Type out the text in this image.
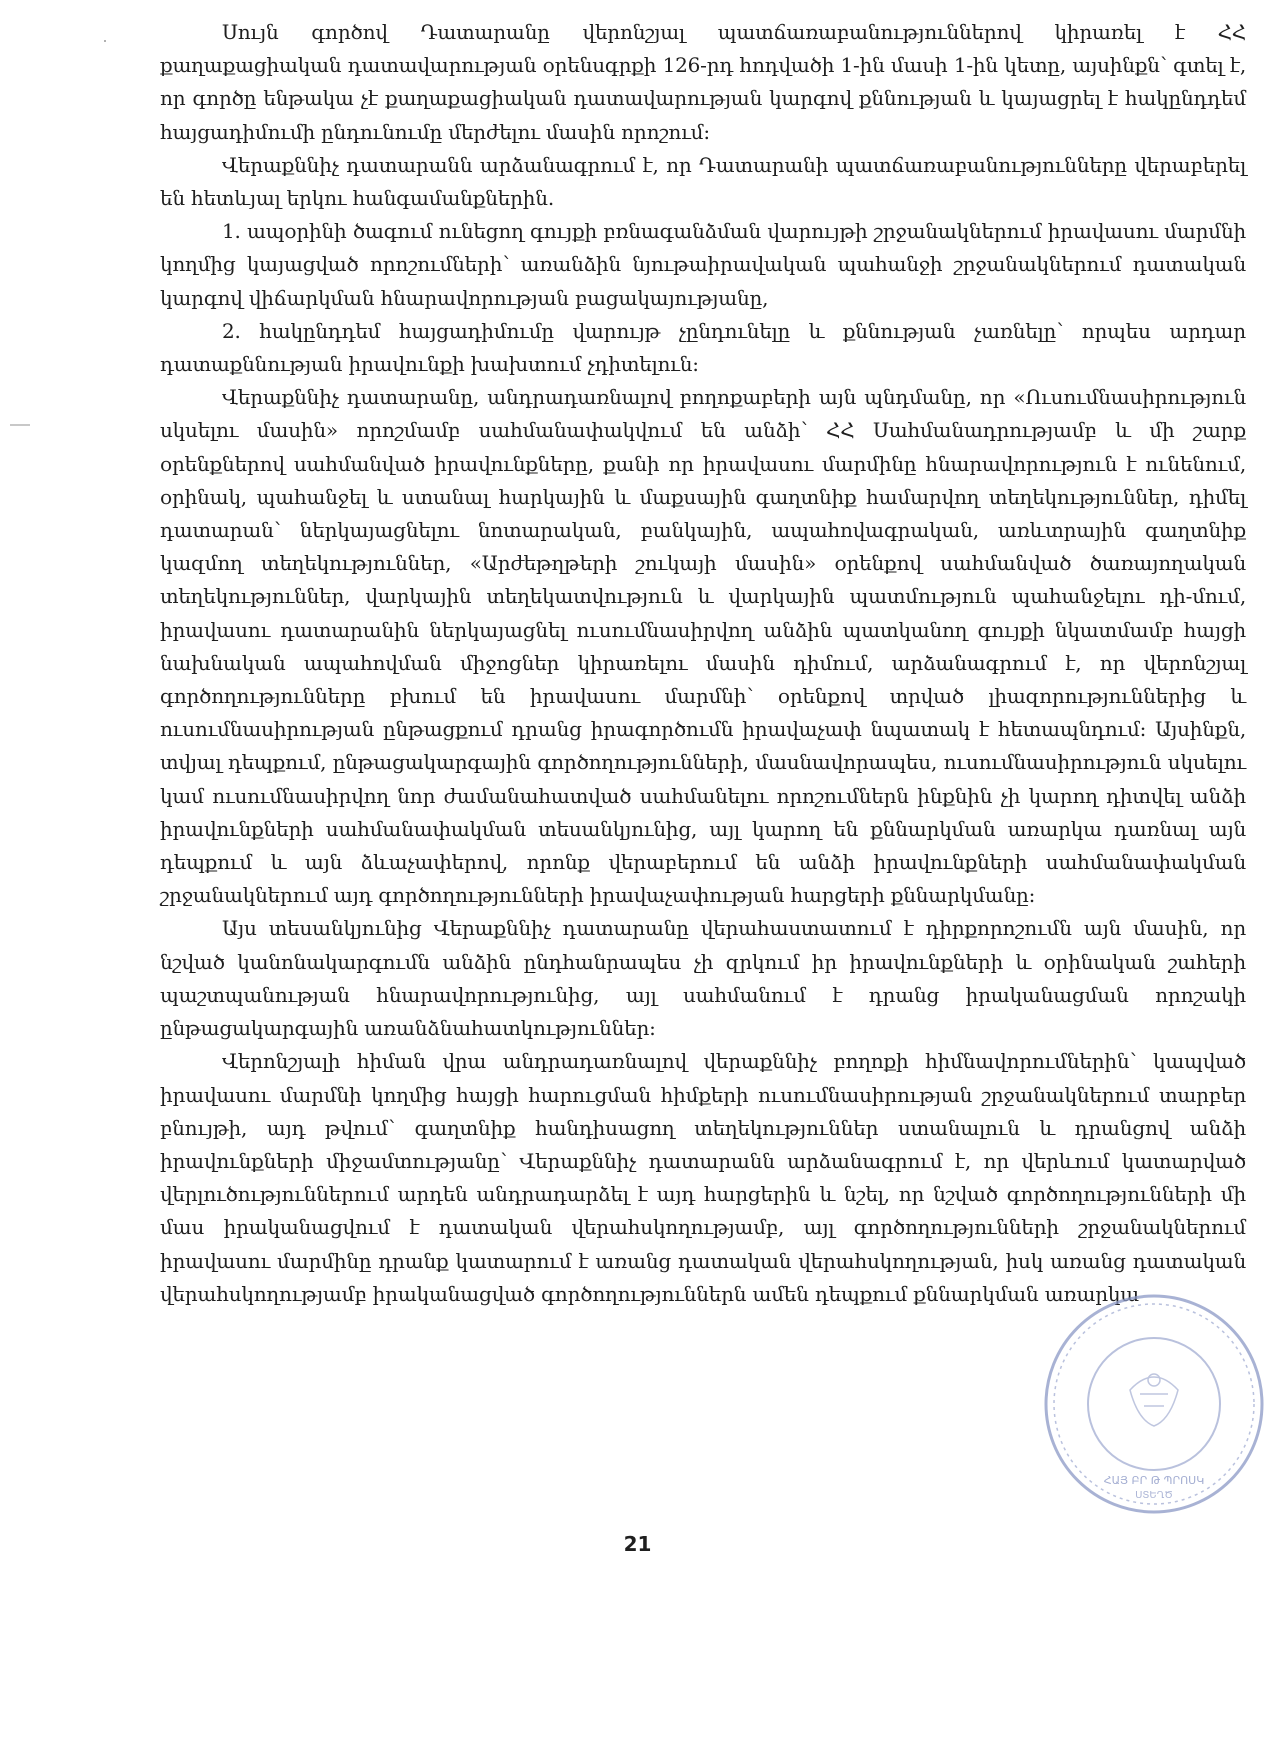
Սույն գործով Դատարանը վերոնշյալ պատճառաբանություններով կիրառել է ՀՀ քաղաքացիական դատավարության օրենսգրքի 126-րդ հոդվածի 1-ին մասի 1-ին կետը, այսինքն՝ գտել է, որ գործը ենթակա չէ քաղաքացիական դատավարության կարգով քննության և կայացրել է հակընդդեմ հայցադիմումի ընդունումը մերժելու մասին որոշում:

Վերաքննիչ դատարանն արձանագրում է, որ Դատարանի պատճառաբանությունները վերաբերել են հետևյալ երկու հանգամանքներին.

1. ապօրինի ծագում ունեցող գույքի բռնագանձման վարույթի շրջանակներում իրավասու մարմնի կողմից կայացված որոշումների՝ առանձին նյութաիրավական պահանջի շրջանակներում դատական կարգով վիճարկման հնարավորության բացակայությանը,

2. հակընդդեմ հայցադիմումը վարույթ չընդունելը և քննության չառնելը՝ որպես արդար դատաքննության իրավունքի խախտում չդիտելուն:

Վերաքննիչ դատարանը, անդրադառնալով բողոքաբերի այն պնդմանը, որ «Ուսումնասիրություն սկսելու մասին» որոշմամբ սահմանափակվում են անձի՝ ՀՀ Սահմանադրությամբ և մի շարք օրենքներով սահմանված իրավունքները, քանի որ իրավասու մարմինը հնարավորություն է ունենում, օրինակ, պահանջել և ստանալ հարկային և մաքսային գաղտնիք համարվող տեղեկություններ, դիմել դատարան՝ ներկայացնելու նոտարական, բանկային, ապահովագրական, առևտրային գաղտնիք կազմող տեղեկություններ, «Արժեթղթերի շուկայի մասին» օրենքով սահմանված ծառայողական տեղեկություններ, վարկային տեղեկատվություն և վարկային պատմություն պահանջելու դի-մում, իրավասու դատարանին ներկայացնել ուսումնասիրվող անձին պատկանող գույքի նկատմամբ հայցի նախնական ապահովման միջոցներ կիրառելու մասին դիմում, արձանագրում է, որ վերոնշյալ գործողությունները բխում են իրավասու մարմնի՝ օրենքով տրված լիազորություններից և ուսումնասիրության ընթացքում դրանց իրագործումն իրավաչափ նպատակ է հետապնդում: Այսինքն, տվյալ դեպքում, ընթացակարգային գործողությունների, մասնավորապես, ուսումնասիրություն սկսելու կամ ուսումնասիրվող նոր ժամանահատված սահմանելու որոշումներն ինքնին չի կարող դիտվել անձի իրավունքների սահմանափակման տեսանկյունից, այլ կարող են քննարկման առարկա դառնալ այն դեպքում և այն ձևաչափերով, որոնք վերաբերում են անձի իրավունքների սահմանափակման շրջանակներում այդ գործողությունների իրավաչափության հարցերի քննարկմանը:

Այս տեսանկյունից Վերաքննիչ դատարանը վերահաստատում է դիրքորոշումն այն մասին, որ նշված կանոնակարգումն անձին ընդհանրապես չի զրկում իր իրավունքների և օրինական շահերի պաշտպանության հնարավորությունից, այլ սահմանում է դրանց իրականացման որոշակի ընթացակարգային առանձնահատկություններ:

Վերոնշյալի հիման վրա անդրադառնալով վերաքննիչ բողոքի հիմնավորումներին՝ կապված իրավասու մարմնի կողմից հայցի հարուցման հիմքերի ուսումնասիրության շրջանակներում տարբեր բնույթի, այդ թվում՝ գաղտնիք հանդիսացող տեղեկություններ ստանալուն և դրանցով անձի իրավունքների միջամտությանը՝ Վերաքննիչ դատարանն արձանագրում է, որ վերևում կատարված վերլուծություններում արդեն անդրադարձել է այդ հարցերին և նշել, որ նշված գործողությունների մի մաս իրականացվում է դատական վերահսկողությամբ, այլ գործողությունների շրջանակներում իրավասու մարմինը դրանք կատարում է առանց դատական վերահսկողության, իսկ առանց դատական վերահսկողությամբ իրականացված գործողություններն ամեն դեպքում քննարկման առարկա

ՀԱՅ ԲՐ Թ ՊՐՈՍԿ
ՍՏԵՂԾ
21
